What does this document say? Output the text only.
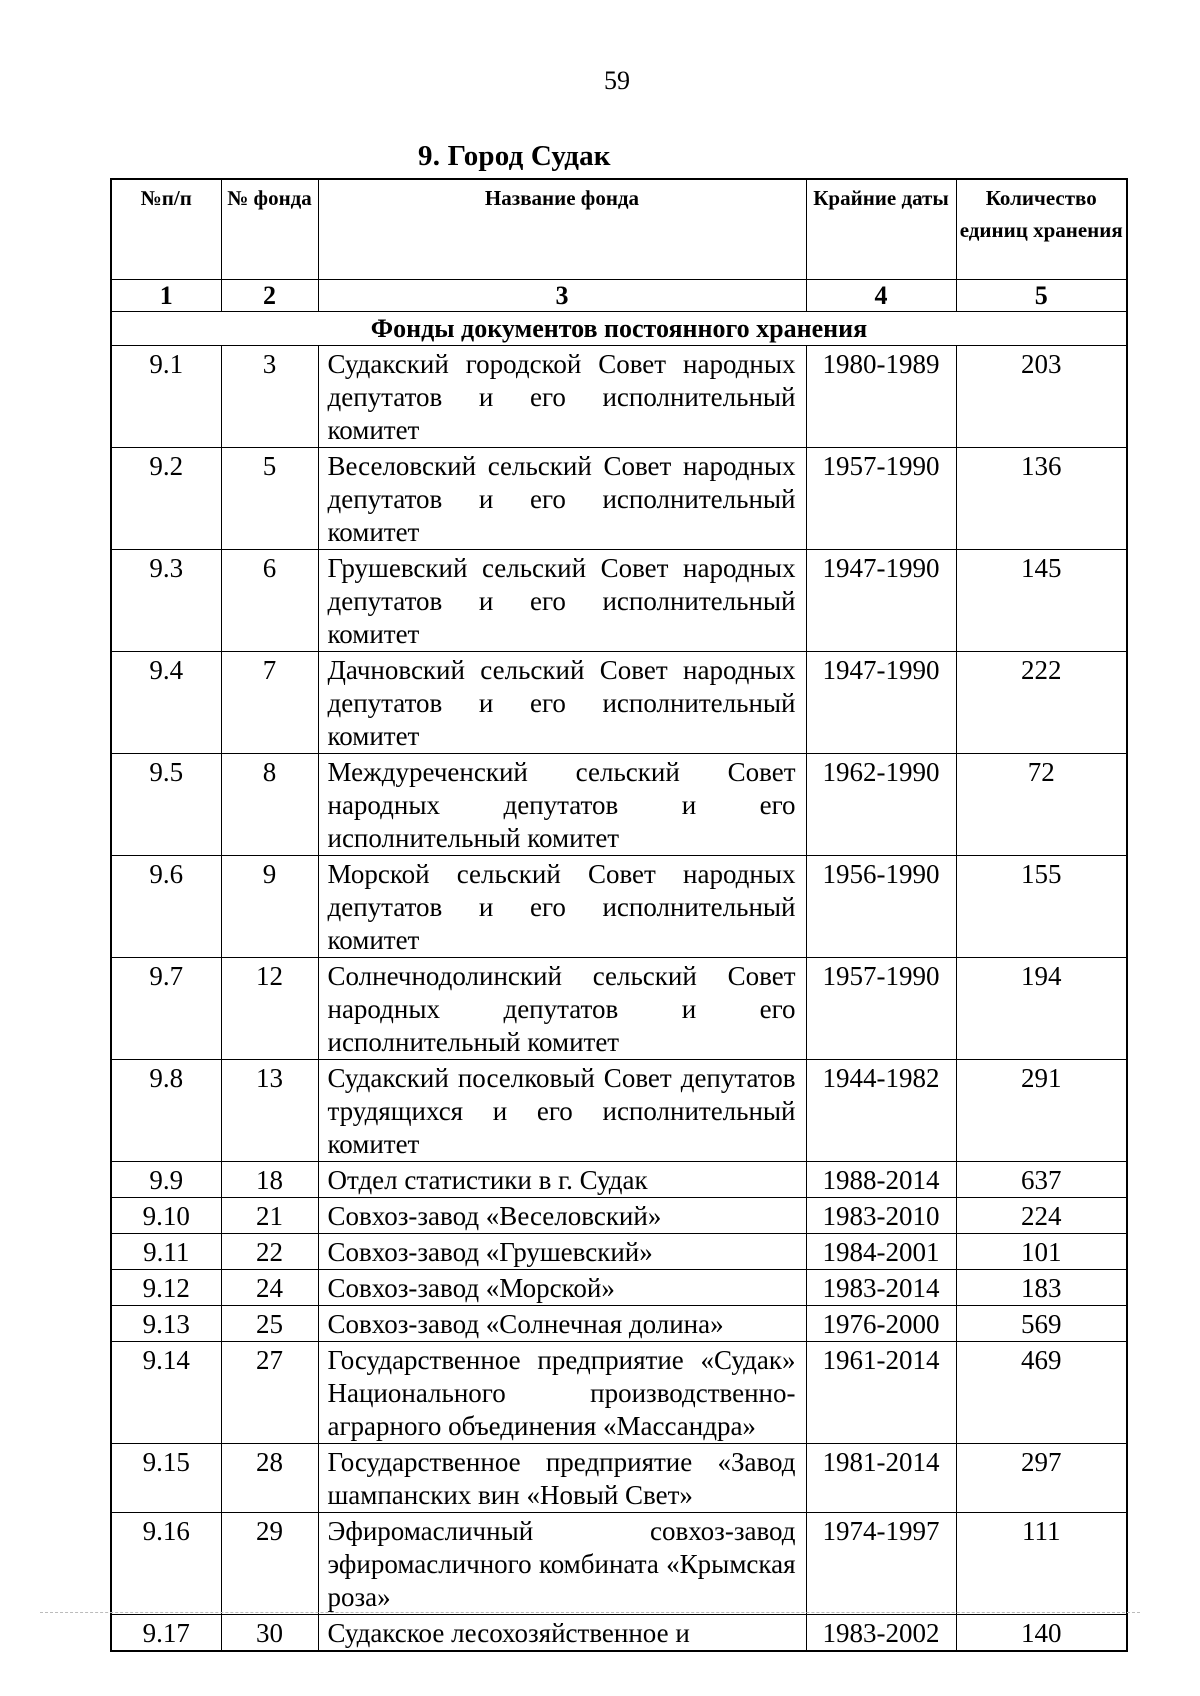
59
9. Город Судак
№п/п	№ фонда	Название фонда	Крайние даты	Количество единиц хранения
1	2	3	4	5
Фонды документов постоянного хранения				
9.1	3	Судакский городской Совет народных депутатов и его исполнительный комитет	1980-1989	203
9.2	5	Веселовский сельский Совет народных депутатов и его исполнительный комитет	1957-1990	136
9.3	6	Грушевский сельский Совет народных депутатов и его исполнительный комитет	1947-1990	145
9.4	7	Дачновский сельский Совет народных депутатов и его исполнительный комитет	1947-1990	222
9.5	8	Междуреченский сельский Совет народных депутатов и его исполнительный комитет	1962-1990	72
9.6	9	Морской сельский Совет народных депутатов и его исполнительный комитет	1956-1990	155
9.7	12	Солнечнодолинский сельский Совет народных депутатов и его исполнительный комитет	1957-1990	194
9.8	13	Судакский поселковый Совет депутатов трудящихся и его исполнительный комитет	1944-1982	291
9.9	18	Отдел статистики в г. Судак	1988-2014	637
9.10	21	Совхоз-завод «Веселовский»	1983-2010	224
9.11	22	Совхоз-завод «Грушевский»	1984-2001	101
9.12	24	Совхоз-завод «Морской»	1983-2014	183
9.13	25	Совхоз-завод «Солнечная долина»	1976-2000	569
9.14	27	Государственное предприятие «Судак» Национального производственно-аграрного объединения «Массандра»	1961-2014	469
9.15	28	Государственное предприятие «Завод шампанских вин «Новый Свет»	1981-2014	297
9.16	29	Эфиромасличный совхоз-завод эфиромасличного комбината «Крымская роза»	1974-1997	111
9.17	30	Судакское лесохозяйственное и	1983-2002	140
